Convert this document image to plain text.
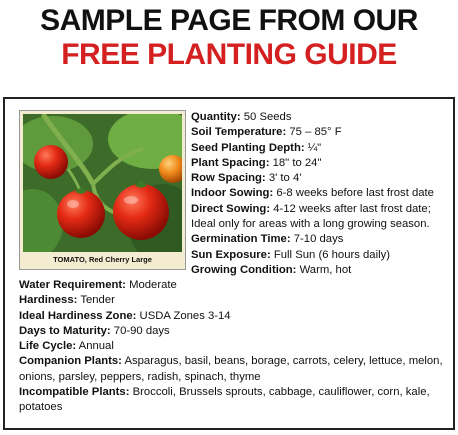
SAMPLE PAGE FROM OUR
FREE PLANTING GUIDE
TOMATO, Red Cherry Large
Quantity: 50 Seeds
Soil Temperature: 75 – 85° F
Seed Planting Depth: ¼"
Plant Spacing: 18" to 24"
Row Spacing: 3' to 4'
Indoor Sowing: 6-8 weeks before last frost date
Direct Sowing: 4-12 weeks after last frost date; Ideal only for areas with a long growing season.
Germination Time: 7-10 days
Sun Exposure: Full Sun (6 hours daily)
Growing Condition: Warm, hot
Water Requirement: Moderate
Hardiness: Tender
Ideal Hardiness Zone: USDA Zones 3-14
Days to Maturity: 70-90 days
Life Cycle: Annual
Companion Plants: Asparagus, basil, beans, borage, carrots, celery, lettuce, melon, onions, parsley, peppers, radish, spinach, thyme
Incompatible Plants: Broccoli, Brussels sprouts, cabbage, cauliflower, corn, kale, potatoes
